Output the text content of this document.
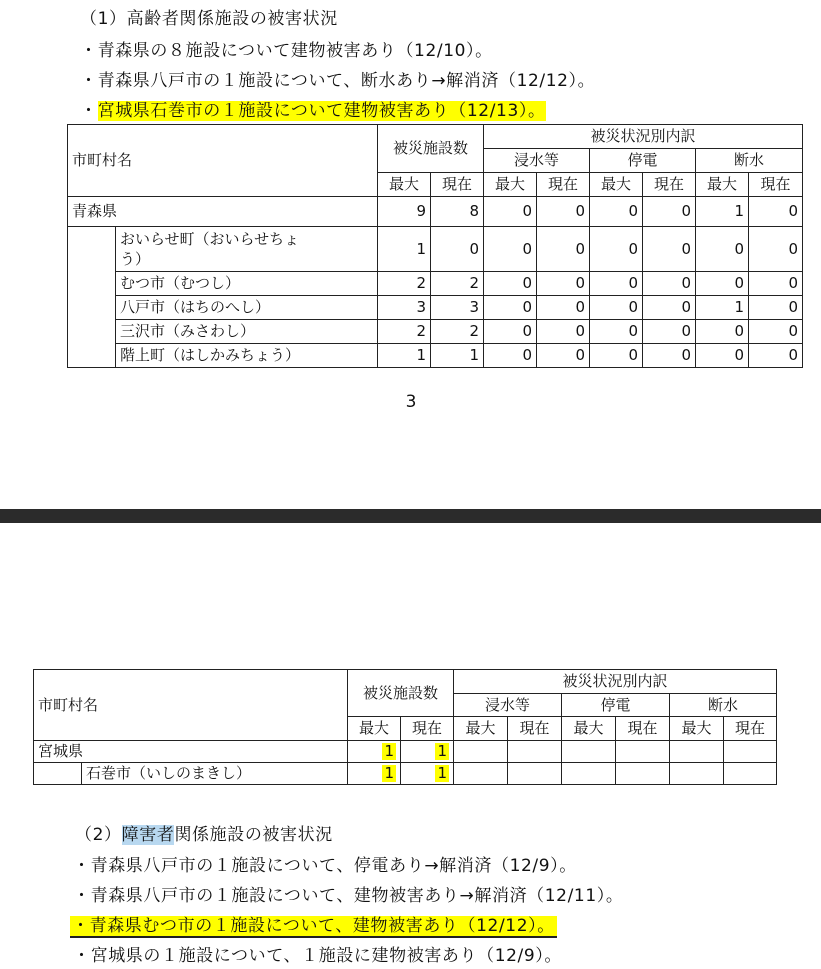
（1）高齢者関係施設の被害状況
・青森県の８施設について建物被害あり（12/10）。
・青森県八戸市の１施設について、断水あり→解消済（12/12）。
・宮城県石巻市の１施設について建物被害あり（12/13）。
市町村名		被災施設数		被災状況別内訳					
				浸水等		停電		断水	
		最大	現在	最大	現在	最大	現在	最大	現在
青森県		9	8	0	0	0	0	1	0

	おいらせ町（おいらせちょ
う）	1	0	0	0	0	0	0	0
	むつ市（むつし）	2	2	0	0	0	0	0	0
	八戸市（はちのへし）	3	3	0	0	0	0	1	0
	三沢市（みさわし）	2	2	0	0	0	0	0	0
	階上町（はしかみちょう）	1	1	0	0	0	0	0	0
3
市町村名		被災施設数		被災状況別内訳					
				浸水等		停電		断水	
		最大	現在	最大	現在	最大	現在	最大	現在
宮城県		1	1						
	石巻市（いしのまきし）	1	1						
（2）障害者関係施設の被害状況
・青森県八戸市の１施設について、停電あり→解消済（12/9）。
・青森県八戸市の１施設について、建物被害あり→解消済（12/11）。
・青森県むつ市の１施設について、建物被害あり（12/12）。
・宮城県の１施設について、１施設に建物被害あり（12/9）。
